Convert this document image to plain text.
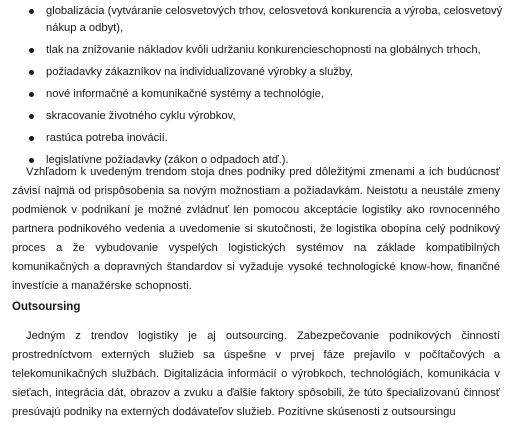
globalizácia (vytváranie celosvetových trhov, celosvetová konkurencia a výroba, celosvetový nákup a odbyt),
tlak na znižovanie nákladov kvôli udržaniu konkurencieschopnosti na globálnych trhoch,
požiadavky zákazníkov na individualizované výrobky a služby,
nové informačné a komunikačné systémy a technológie,
skracovanie životného cyklu výrobkov,
rastúca potreba inovácií.
legislatívne požiadavky (zákon o odpadoch atď.).

Vzhľadom k uvedeným trendom stoja dnes podniky pred dôležitými zmenami a ich budúcnosť závisí najmä od prispôsobenia sa novým možnostiam a požiadavkám. Neistotu a neustále zmeny podmienok v podnikaní je možné zvládnuť len pomocou akceptácie logistiky ako rovnocenného partnera podnikového vedenia a uvedomenie si skutočnosti, že logistika obopína celý podnikový proces a že vybudovanie vyspelých logistických systémov na základe kompatibilných komunikačných a dopravných štandardov si vyžaduje vysoké technologické know-how, finančné investície a manažérske schopnosti.

Outsoursing

Jedným z trendov logistiky je aj outsourcing. Zabezpečovanie podnikových činností prostredníctvom externých služieb sa úspešne v prvej fáze prejavilo v počítačových a telekomunikačných službách. Digitalizácia informácií o výrobkoch, technológiách, komunikácia v sieťach, integrácia dát, obrazov a zvuku a ďalšie faktory spôsobili, že túto špecializovanú činnosť presúvajú podniky na externých dodávateľov služieb. Pozitívne skúsenosti z outsoursingu
